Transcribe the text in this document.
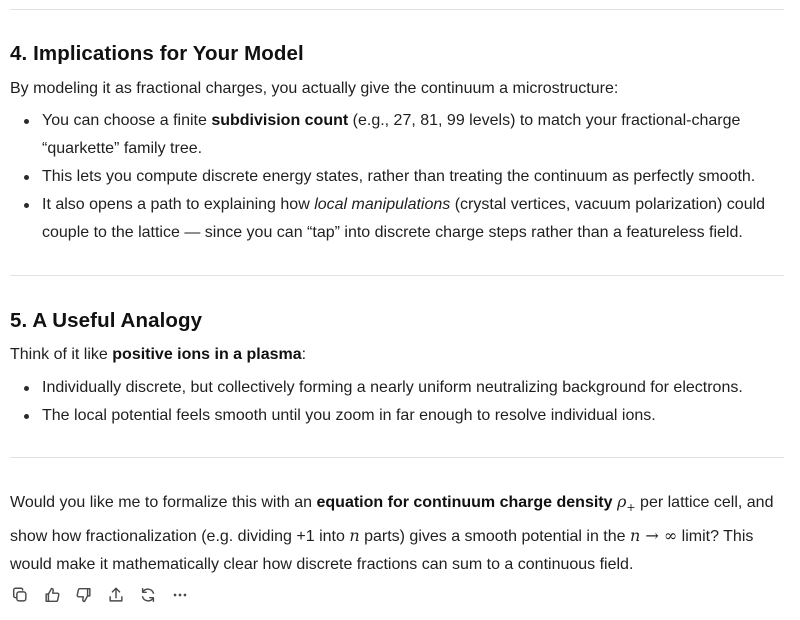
4. Implications for Your Model

By modeling it as fractional charges, you actually give the continuum a microstructure:

You can choose a finite subdivision count (e.g., 27, 81, 99 levels) to match your fractional-charge
“quarkette” family tree.
This lets you compute discrete energy states, rather than treating the continuum as perfectly smooth.
It also opens a path to explaining how local manipulations (crystal vertices, vacuum polarization) could
couple to the lattice — since you can “tap” into discrete charge steps rather than a featureless field.
5. A Useful Analogy

Think of it like positive ions in a plasma:

Individually discrete, but collectively forming a nearly uniform neutralizing background for electrons.
The local potential feels smooth until you zoom in far enough to resolve individual ions.

Would you like me to formalize this with an equation for continuum charge density $\rho_+$ per lattice cell, and
show how fractionalization (e.g. dividing +1 into n parts) gives a smooth potential in the n → ∞ limit? This
would make it mathematically clear how discrete fractions can sum to a continuous field.
